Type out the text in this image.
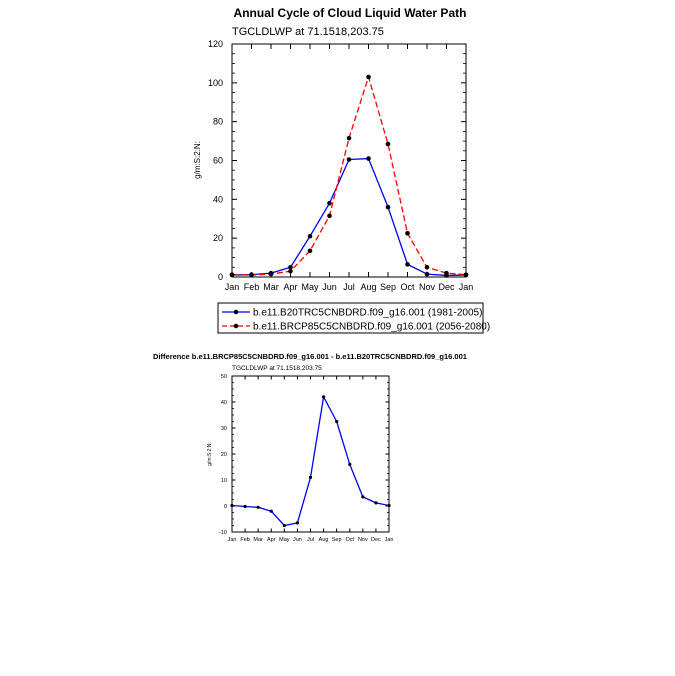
Annual Cycle of Cloud Liquid Water Path
TGCLDLWP at 71.1518,203.75
g/m:S:2:N:
Jan Feb Mar Apr May Jun Jul Aug Sep Oct Nov Dec Jan
0
20
40
60
80
100
120
b.e11.B20TRC5CNBDRD.f09_g16.001 (1981-2005)
b.e11.BRCP85C5CNBDRD.f09_g16.001 (2056-2080)
Difference b.e11.BRCP85C5CNBDRD.f09_g16.001 - b.e11.B20TRC5CNBDRD.f09_g16.001
TGCLDLWP at 71.1518,203.75
g/m:S:2:N:
Jan Feb Mar Apr May Jun Jul Aug Sep Oct Nov Dec Jan
-10
0
10
20
30
40
50
